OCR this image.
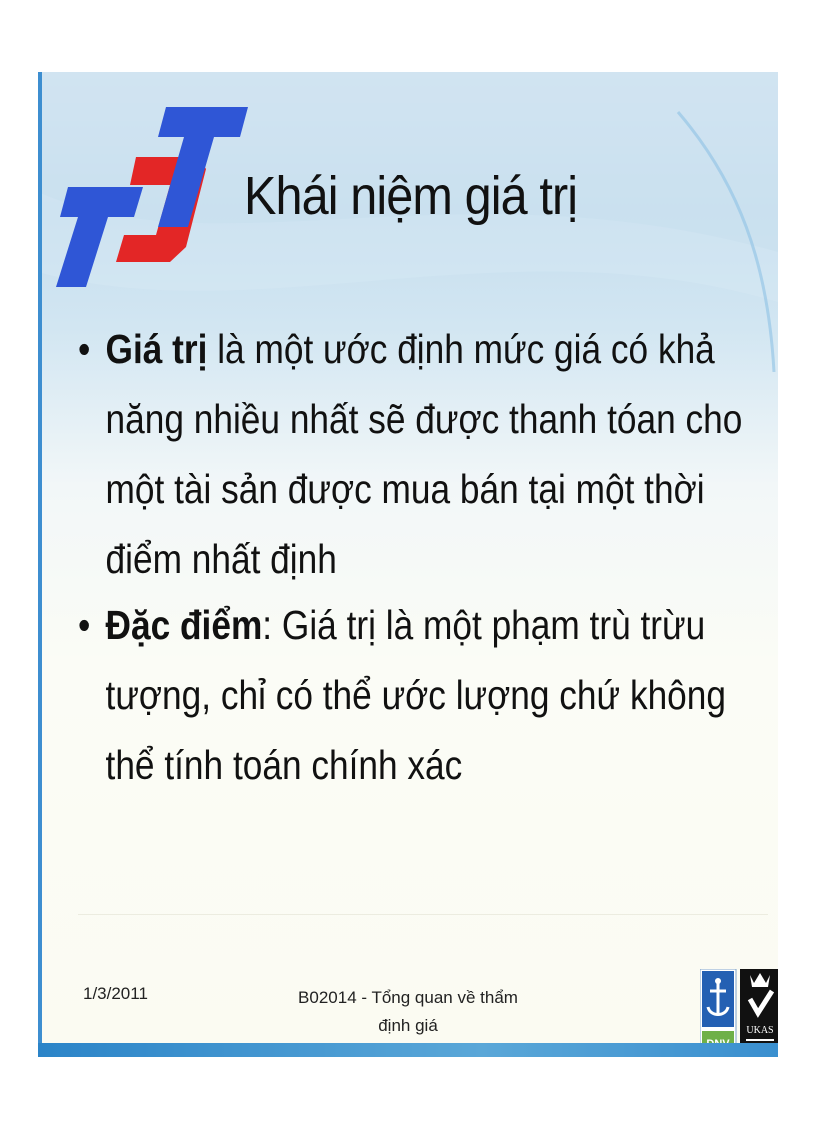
Khái niệm giá trị
• Giá trị là một ước định mức giá có khả năng nhiều nhất sẽ được thanh tóan cho một tài sản được mua bán tại một thời điểm nhất định
• Đặc điểm: Giá trị là một phạm trù trừu tượng, chỉ có thể ước lượng chứ không thể tính toán chính xác
1/3/2011	B02014 - Tổng quan về thẩm định giá	UKAS
